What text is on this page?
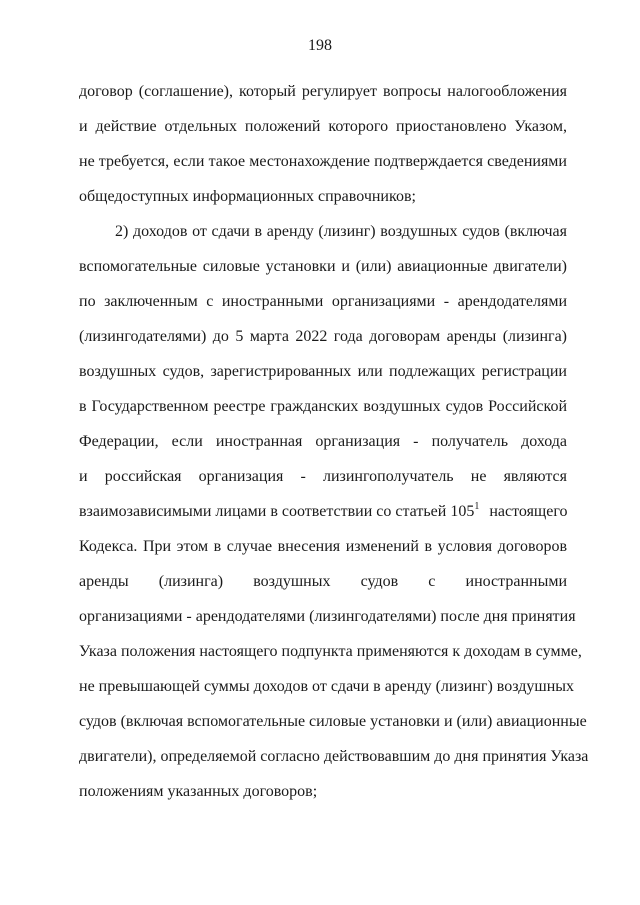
198
договор (соглашение), который регулирует вопросы налогообложения
и действие отдельных положений которого приостановлено Указом,
не требуется, если такое местонахождение подтверждается сведениями
общедоступных информационных справочников;
2) доходов от сдачи в аренду (лизинг) воздушных судов (включая
вспомогательные силовые установки и (или) авиационные двигатели)
по заключенным с иностранными организациями - арендодателями
(лизингодателями) до 5 марта 2022 года договорам аренды (лизинга)
воздушных судов, зарегистрированных или подлежащих регистрации
в Государственном реестре гражданских воздушных судов Российской
Федерации, если иностранная организация - получатель дохода
и российская организация - лизингополучатель не являются
взаимозависимыми лицами в соответствии со статьей $105^1$ настоящего
Кодекса. При этом в случае внесения изменений в условия договоров
аренды (лизинга) воздушных судов с иностранными
организациями - арендодателями (лизингодателями) после дня принятия
Указа положения настоящего подпункта применяются к доходам в сумме,
не превышающей суммы доходов от сдачи в аренду (лизинг) воздушных
судов (включая вспомогательные силовые установки и (или) авиационные
двигатели), определяемой согласно действовавшим до дня принятия Указа
положениям указанных договоров;
